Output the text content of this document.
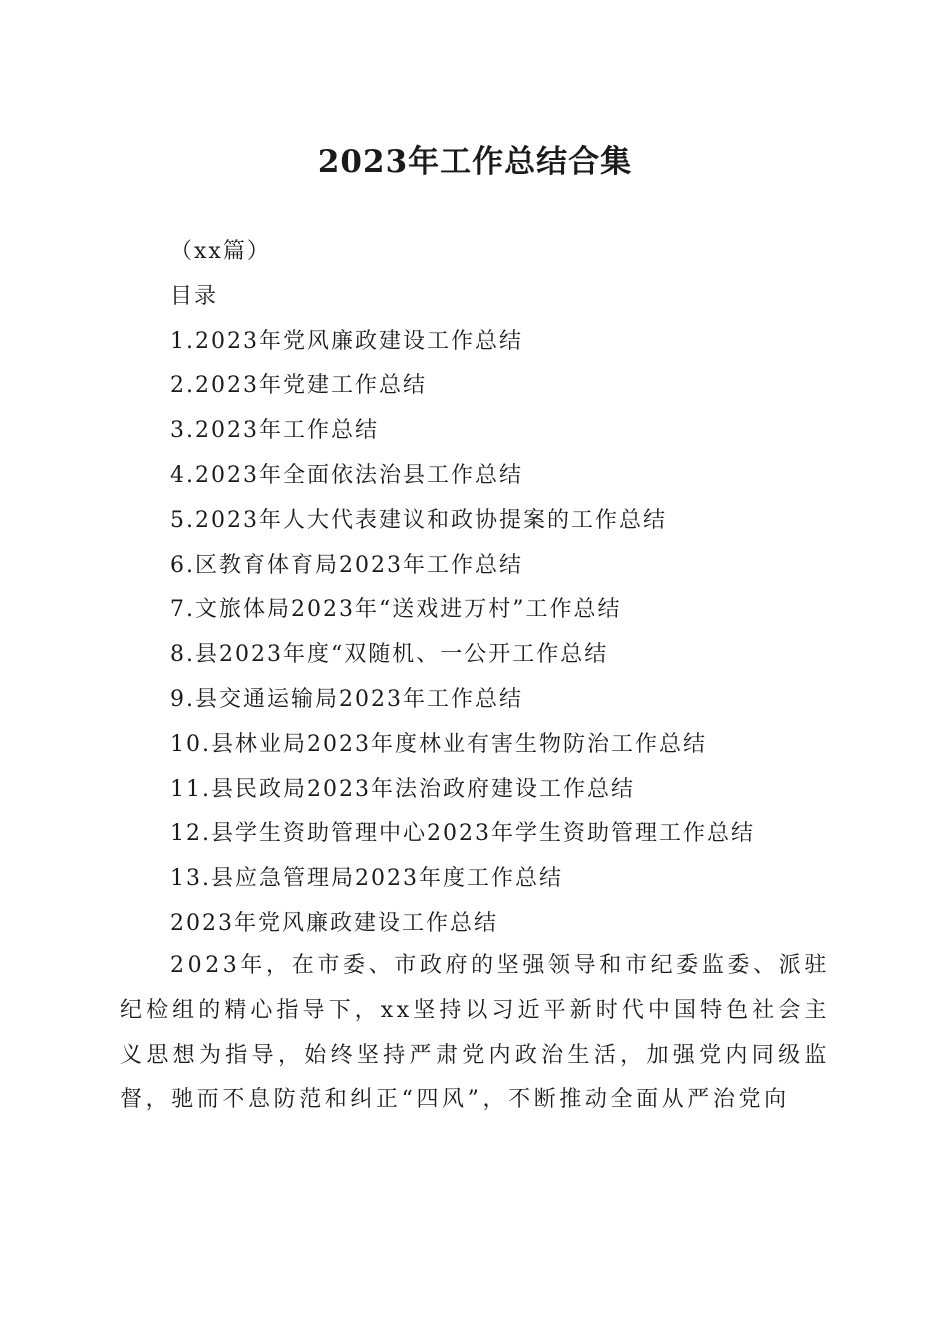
2023年工作总结合集
（xx篇）
目录
1.2023年党风廉政建设工作总结
2.2023年党建工作总结
3.2023年工作总结
4.2023年全面依法治县工作总结
5.2023年人大代表建议和政协提案的工作总结
6.区教育体育局2023年工作总结
7.文旅体局2023年“送戏进万村”工作总结
8.县2023年度“双随机、一公开工作总结
9.县交通运输局2023年工作总结
10.县林业局2023年度林业有害生物防治工作总结
11.县民政局2023年法治政府建设工作总结
12.县学生资助管理中心2023年学生资助管理工作总结
13.县应急管理局2023年度工作总结
2023年党风廉政建设工作总结
2023年，在市委、市政府的坚强领导和市纪委监委、派驻纪检组的精心指导下，xx坚持以习近平新时代中国特色社会主义思想为指导，始终坚持严肃党内政治生活，加强党内同级监督，驰而不息防范和纠正“四风”，不断推动全面从严治党向
